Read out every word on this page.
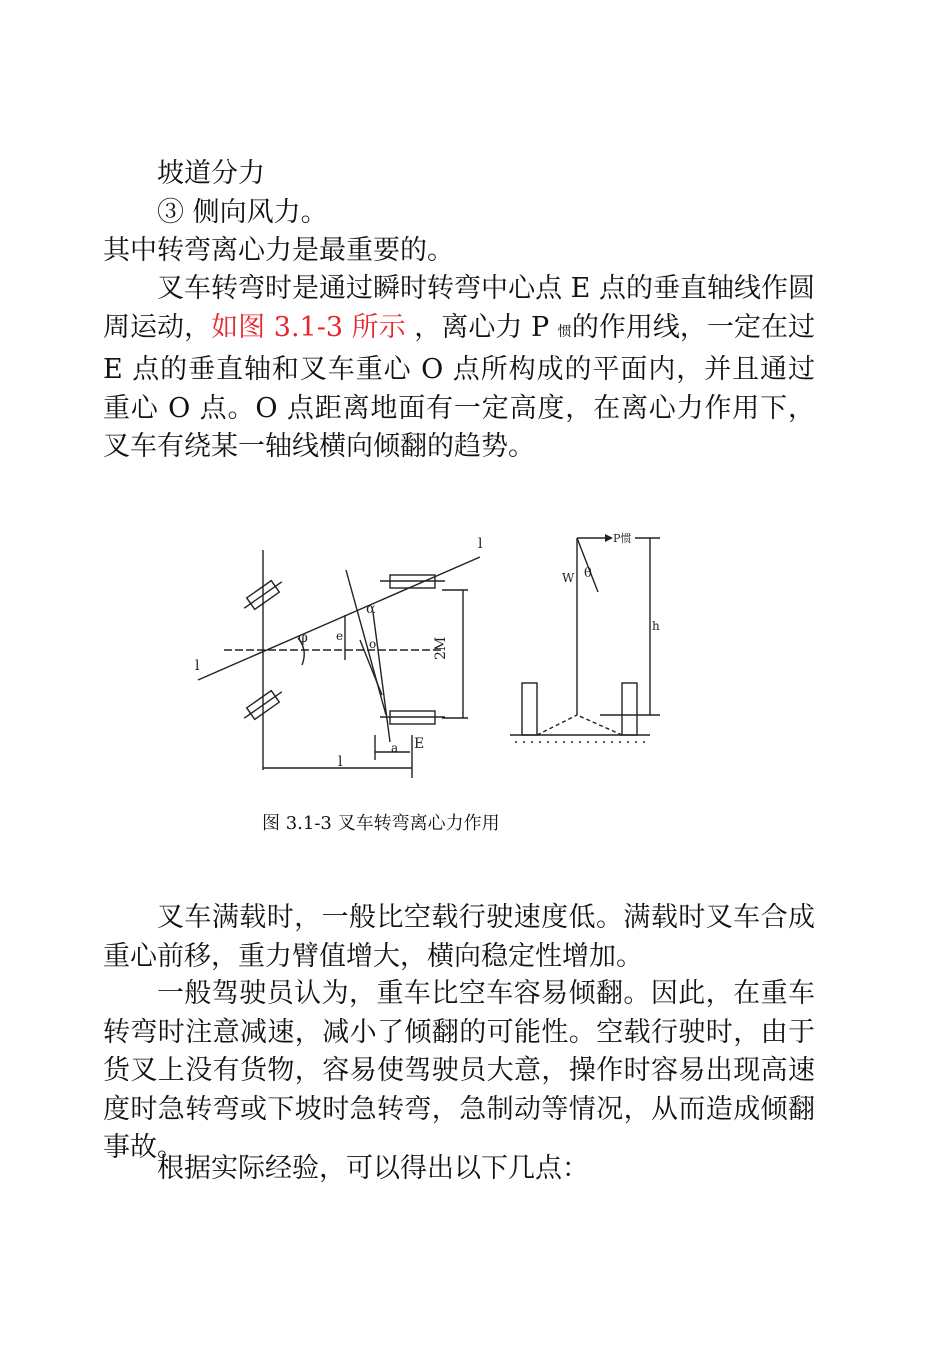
坡道分力

③ 侧向风力。

其中转弯离心力是最重要的。

叉车转弯时是通过瞬时转弯中心点 E 点的垂直轴线作圆周运动，如图 3.1-3 所示 ，离心力 P 惯的作用线，一定在过 E 点的垂直轴和叉车重心 O 点所构成的平面内，并且通过重心 O 点。O 点距离地面有一定高度，在离心力作用下，叉车有绕某一轴线横向倾翻的趋势。

l
l
φ e
α
o	2M
a E
l
P惯
θ
W
h

图 3.1-3 叉车转弯离心力作用

叉车满载时，一般比空载行驶速度低。满载时叉车合成重心前移，重力臂值增大，横向稳定性增加。

一般驾驶员认为，重车比空车容易倾翻。因此，在重车转弯时注意减速，减小了倾翻的可能性。空载行驶时，由于货叉上没有货物，容易使驾驶员大意，操作时容易出现高速度时急转弯或下坡时急转弯，急制动等情况，从而造成倾翻事故。

根据实际经验，可以得出以下几点：
